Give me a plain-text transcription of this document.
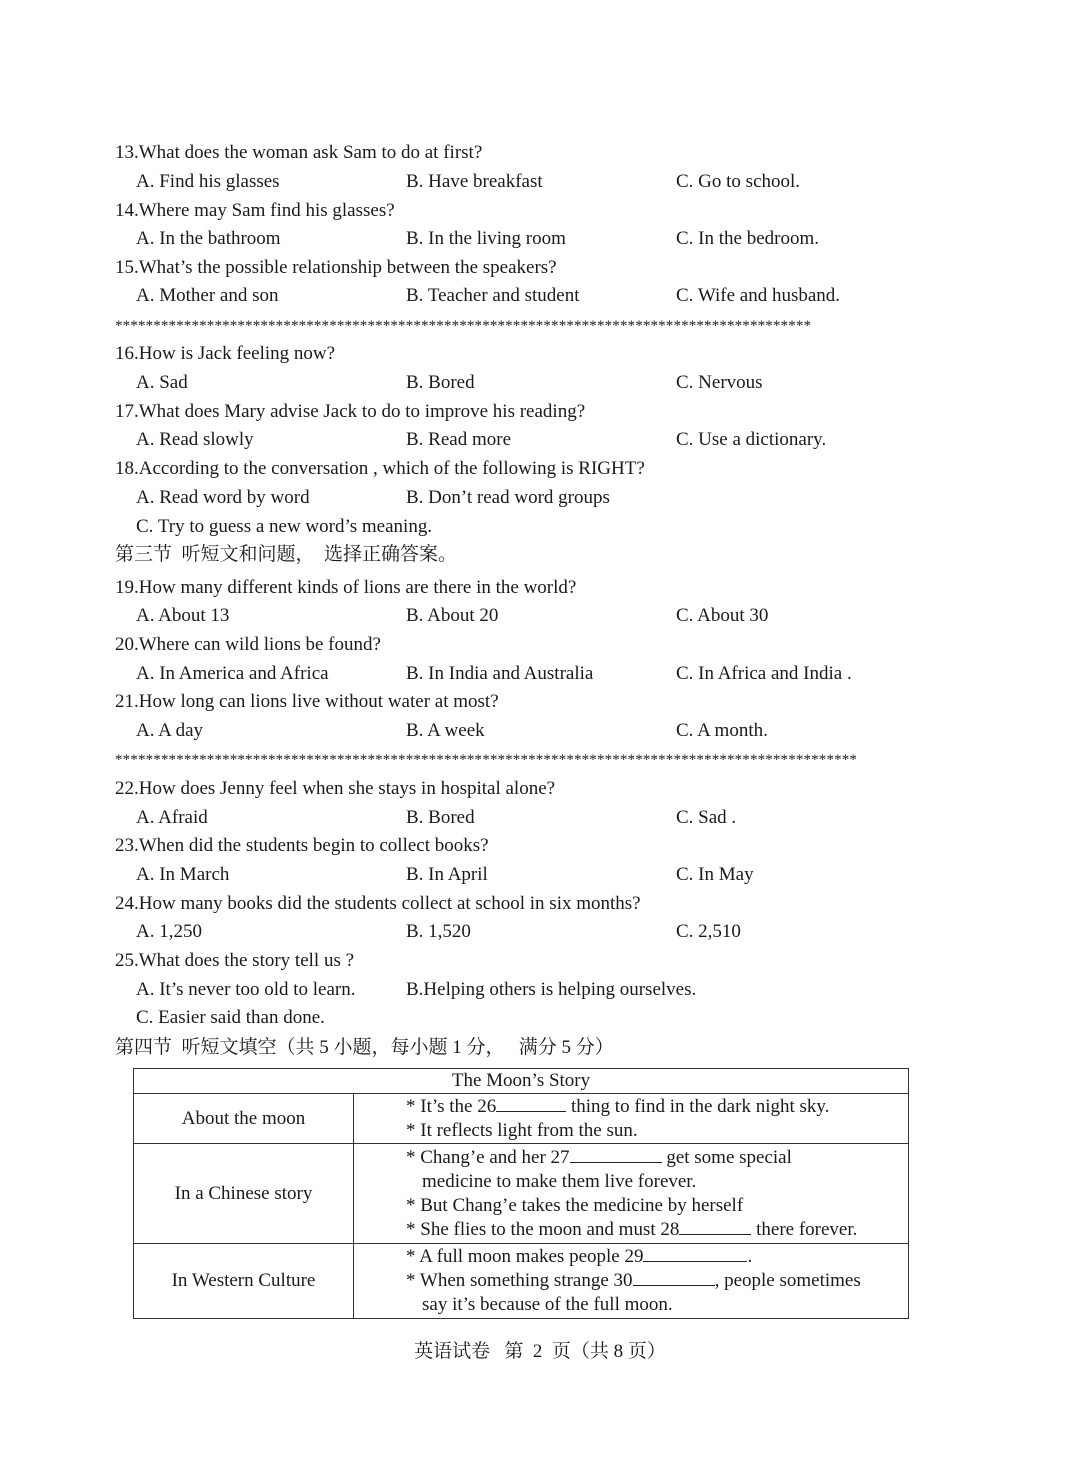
13.What does the woman ask Sam to do at first?
A. Find his glasses	B. Have breakfast	C. Go to school.
14.Where may Sam find his glasses?
A. In the bathroom	B. In the living room	C. In the bedroom.
15.What’s the possible relationship between the speakers?
A. Mother and son	B. Teacher and student	C. Wife and husband.
*******************************************************************************************
16.How is Jack feeling now?
A. Sad	B. Bored	C. Nervous
17.What does Mary advise Jack to do to improve his reading?
A. Read slowly	B. Read more	C. Use a dictionary.
18.According to the conversation , which of the following is RIGHT?
A. Read word by word	B. Don’t read word groups
C. Try to guess a new word’s meaning.
第三节  听短文和问题，  选择正确答案。
19.How many different kinds of lions are there in the world?
A. About 13	B. About 20	C. About 30
20.Where can wild lions be found?
A. In America and Africa	B. In India and Australia	C. In Africa and India .
21.How long can lions live without water at most?
A. A day	B. A week	C. A month.
*************************************************************************************************
22.How does Jenny feel when she stays in hospital alone?
A. Afraid	B. Bored	C. Sad .
23.When did the students begin to collect books?
A. In March	B. In April	C. In May
24.How many books did the students collect at school in six months?
A. 1,250	B. 1,520	C. 2,510
25.What does the story tell us ?
A. It’s never too old to learn.	B.Helping others is helping ourselves.
C. Easier said than done.
第四节  听短文填空（共 5 小题，每小题 1 分，   满分 5 分）
The Moon’s Story	
About the moon	* It’s the 26 thing to find in the dark night sky.
* It reflects light from the sun.

In a Chinese story	* Chang’e and her 27 get some special
medicine to make them live forever.
* But Chang’e takes the medicine by herself
* She flies to the moon and must 28 there forever.

In Western Culture	* A full moon makes people 29 .
* When something strange 30 , people sometimes
say it’s because of the full moon.
英语试卷   第  2  页（共 8 页）
